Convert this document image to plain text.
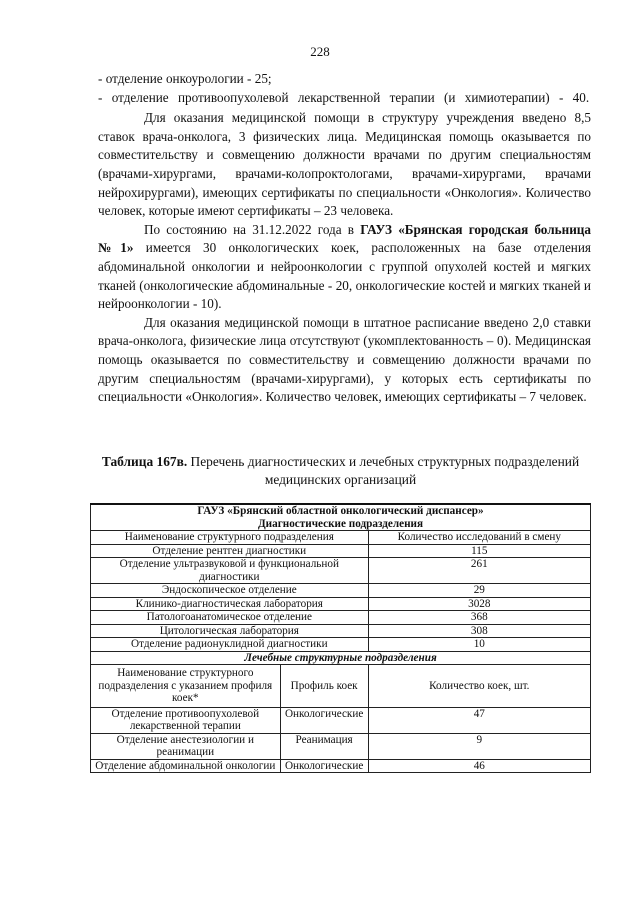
228

- отделение онкоурологии - 25;

- отделение противоопухолевой лекарственной терапии (и химиотерапии) - 40.

Для оказания медицинской помощи в структуру учреждения введено 8,5 ставок врача-онколога, 3 физических лица. Медицинская помощь оказывается по совместительству и совмещению должности врачами по другим специальностям (врачами-хирургами, врачами-колопроктологами, врачами-хирургами, врачами нейрохирургами), имеющих сертификаты по специальности «Онкология». Количество человек, которые имеют сертификаты – 23 человека.

По состоянию на 31.12.2022 года в ГАУЗ «Брянская городская больница №1» имеется 30 онкологических коек, расположенных на базе отделения абдоминальной онкологии и нейроонкологии с группой опухолей костей и мягких тканей (онкологические абдоминальные - 20, онкологические костей и мягких тканей и нейроонкологии - 10).

Для оказания медицинской помощи в штатное расписание введено 2,0 ставки врача-онколога, физические лица отсутствуют (укомплектованность – 0). Медицинская помощь оказывается по совместительству и совмещению должности врачами по другим специальностям (врачами-хирургами), у которых есть сертификаты по специальности «Онкология». Количество человек, имеющих сертификаты – 7 человек.

Таблица 167в. Перечень диагностических и лечебных структурных подразделений медицинских организаций
ГАУЗ «Брянский областной онкологический диспансер»
Диагностические подразделения		

Наименование структурного подразделения		Количество исследований в смену
Отделение рентген диагностики		115
Отделение ультразвуковой и функциональной диагностики		261
Эндоскопическое отделение		29
Клинико-диагностическая лаборатория		3028
Патологоанатомическое отделение		368
Цитологическая лаборатория		308
Отделение радионуклидной диагностики		10
Лечебные структурные подразделения		
Наименование структурного подразделения с указанием профиля коек*	Профиль коек	Количество коек, шт.
Отделение противоопухолевой лекарственной терапии	Онкологические	47
Отделение анестезиологии и реанимации	Реанимация	9
Отделение абдоминальной онкологии	Онкологические	46
